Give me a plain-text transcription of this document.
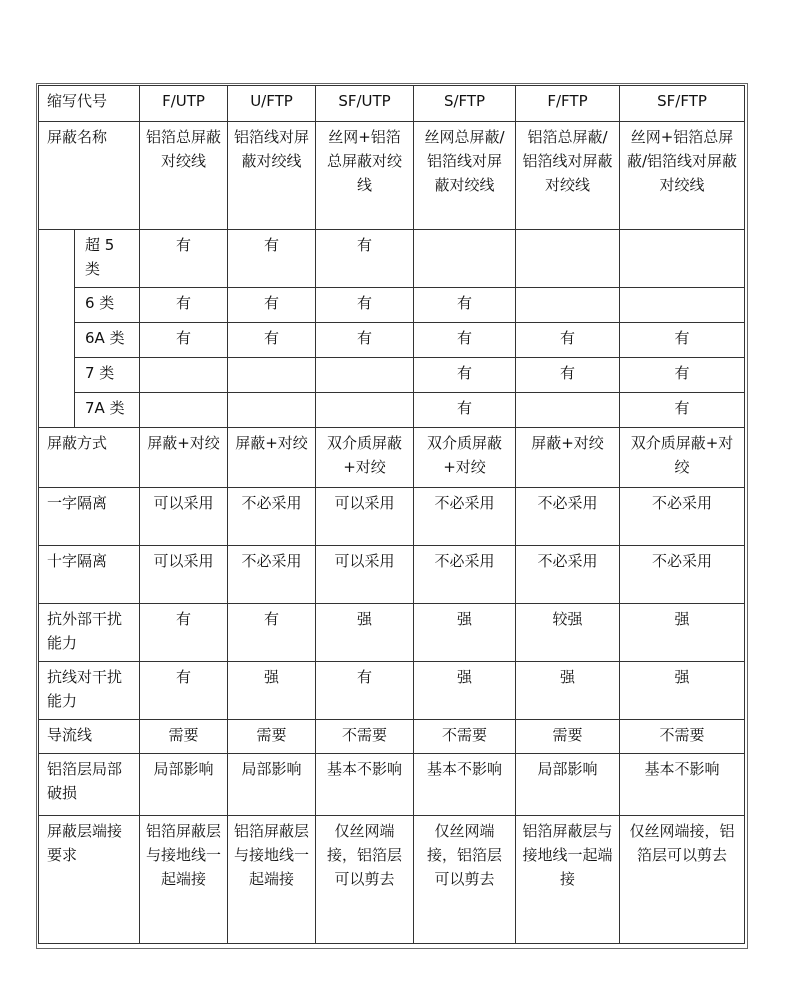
缩写代号		F/UTP	U/FTP	SF/UTP	S/FTP	F/FTP	SF/FTP
屏蔽名称		铝箔总屏蔽对绞线	铝箔线对屏蔽对绞线	丝网+铝箔总屏蔽对绞线	丝网总屏蔽/铝箔线对屏蔽对绞线	铝箔总屏蔽/铝箔线对屏蔽对绞线	丝网+铝箔总屏蔽/铝箔线对屏蔽对绞线
	超 5 类	有	有	有			
	6 类	有	有	有	有		
	6A 类	有	有	有	有	有	有
	7 类				有	有	有
	7A 类				有		有
屏蔽方式		屏蔽+对绞	屏蔽+对绞	双介质屏蔽+对绞	双介质屏蔽+对绞	屏蔽+对绞	双介质屏蔽+对绞
一字隔离		可以采用	不必采用	可以采用	不必采用	不必采用	不必采用
十字隔离		可以采用	不必采用	可以采用	不必采用	不必采用	不必采用
抗外部干扰能力		有	有	强	强	较强	强
抗线对干扰能力		有	强	有	强	强	强
导流线		需要	需要	不需要	不需要	需要	不需要
铝箔层局部破损		局部影响	局部影响	基本不影响	基本不影响	局部影响	基本不影响
屏蔽层端接要求		铝箔屏蔽层与接地线一起端接	铝箔屏蔽层与接地线一起端接	仅丝网端接，铝箔层可以剪去	仅丝网端接，铝箔层可以剪去	铝箔屏蔽层与接地线一起端接	仅丝网端接，铝箔层可以剪去
